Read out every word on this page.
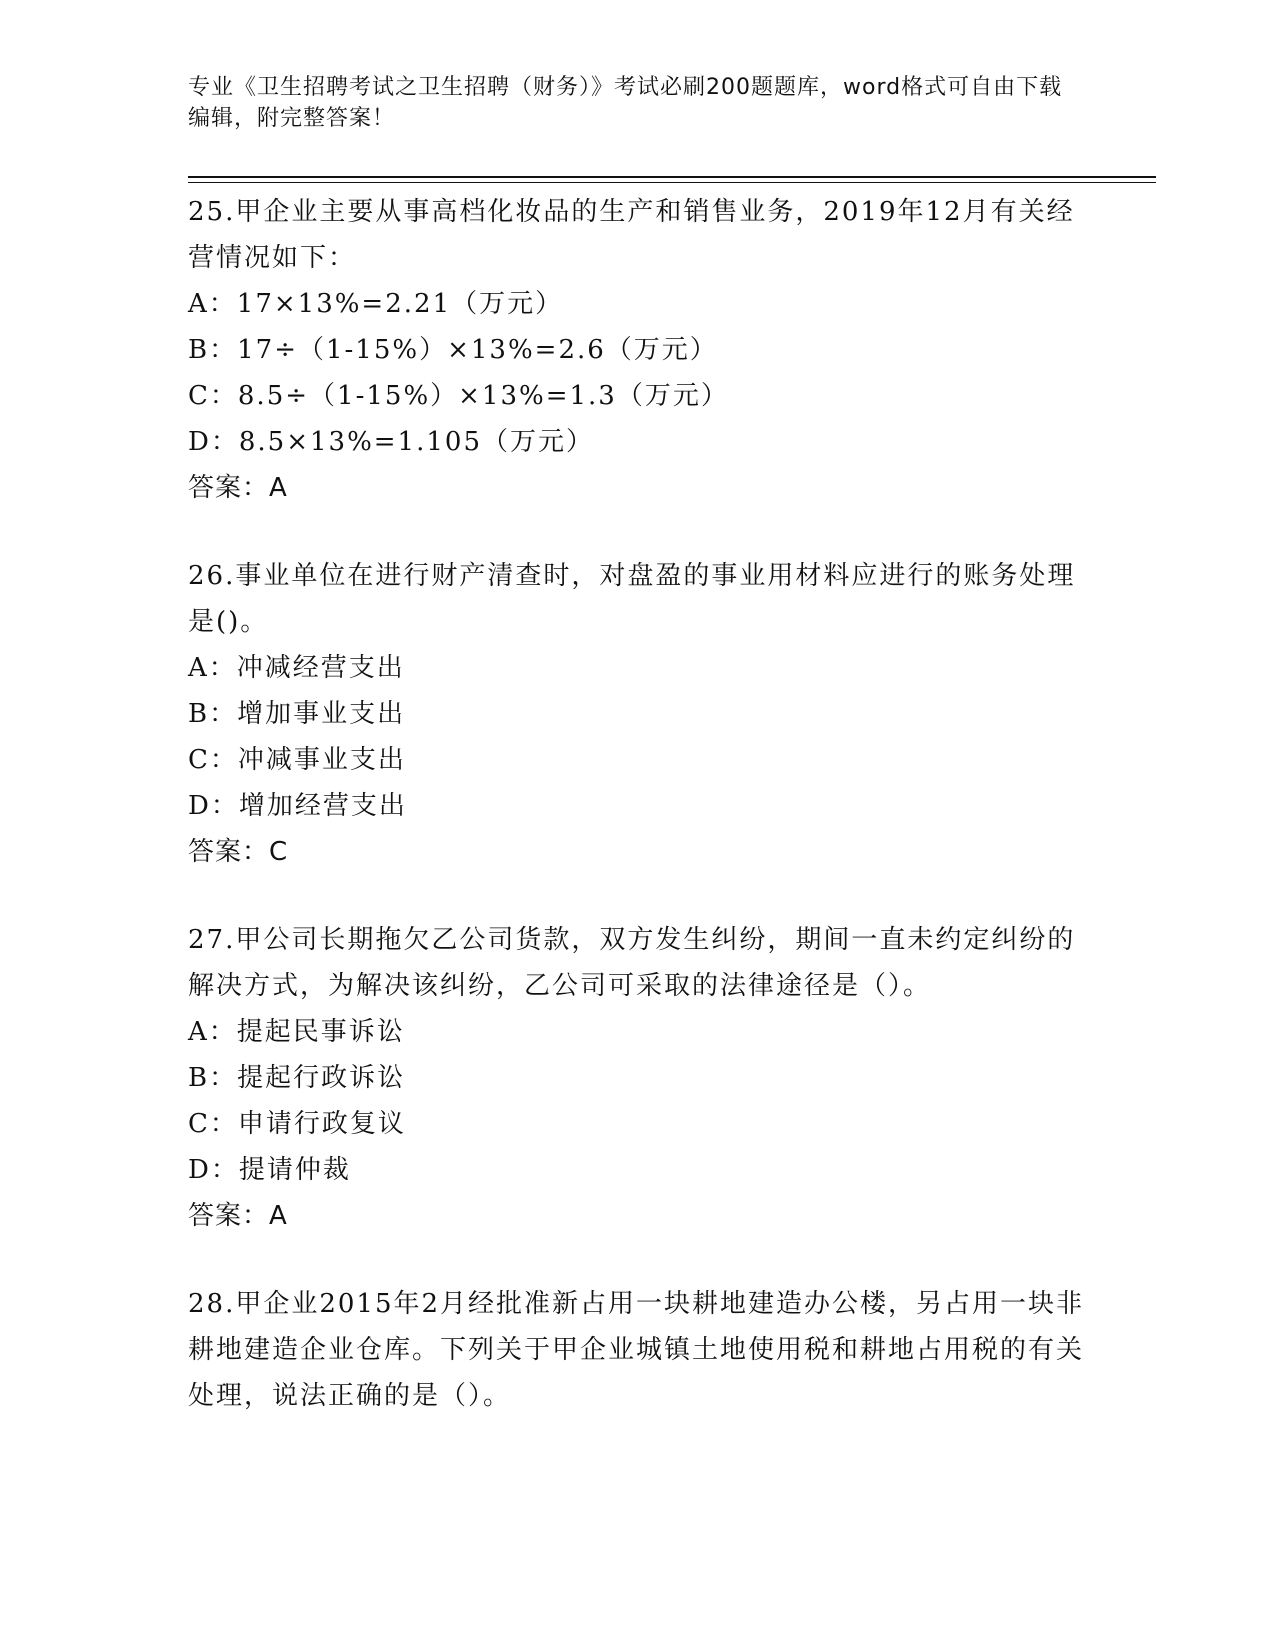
专业《卫生招聘考试之卫生招聘（财务）》考试必刷200题题库，word格式可自由下载编辑，附完整答案！

25.甲企业主要从事高档化妆品的生产和销售业务，2019年12月有关经营情况如下：

A：17×13%=2.21（万元）

B：17÷（1-15%）×13%=2.6（万元）

C：8.5÷（1-15%）×13%=1.3（万元）

D：8.5×13%=1.105（万元）

答案：A

26.事业单位在进行财产清查时，对盘盈的事业用材料应进行的账务处理是()。

A：冲减经营支出

B：增加事业支出

C：冲减事业支出

D：增加经营支出

答案：C

27.甲公司长期拖欠乙公司货款，双方发生纠纷，期间一直未约定纠纷的解决方式，为解决该纠纷，乙公司可采取的法律途径是（）。

A：提起民事诉讼

B：提起行政诉讼

C：申请行政复议

D：提请仲裁

答案：A

28.甲企业2015年2月经批准新占用一块耕地建造办公楼，另占用一块非耕地建造企业仓库。下列关于甲企业城镇土地使用税和耕地占用税的有关处理，说法正确的是（）。
